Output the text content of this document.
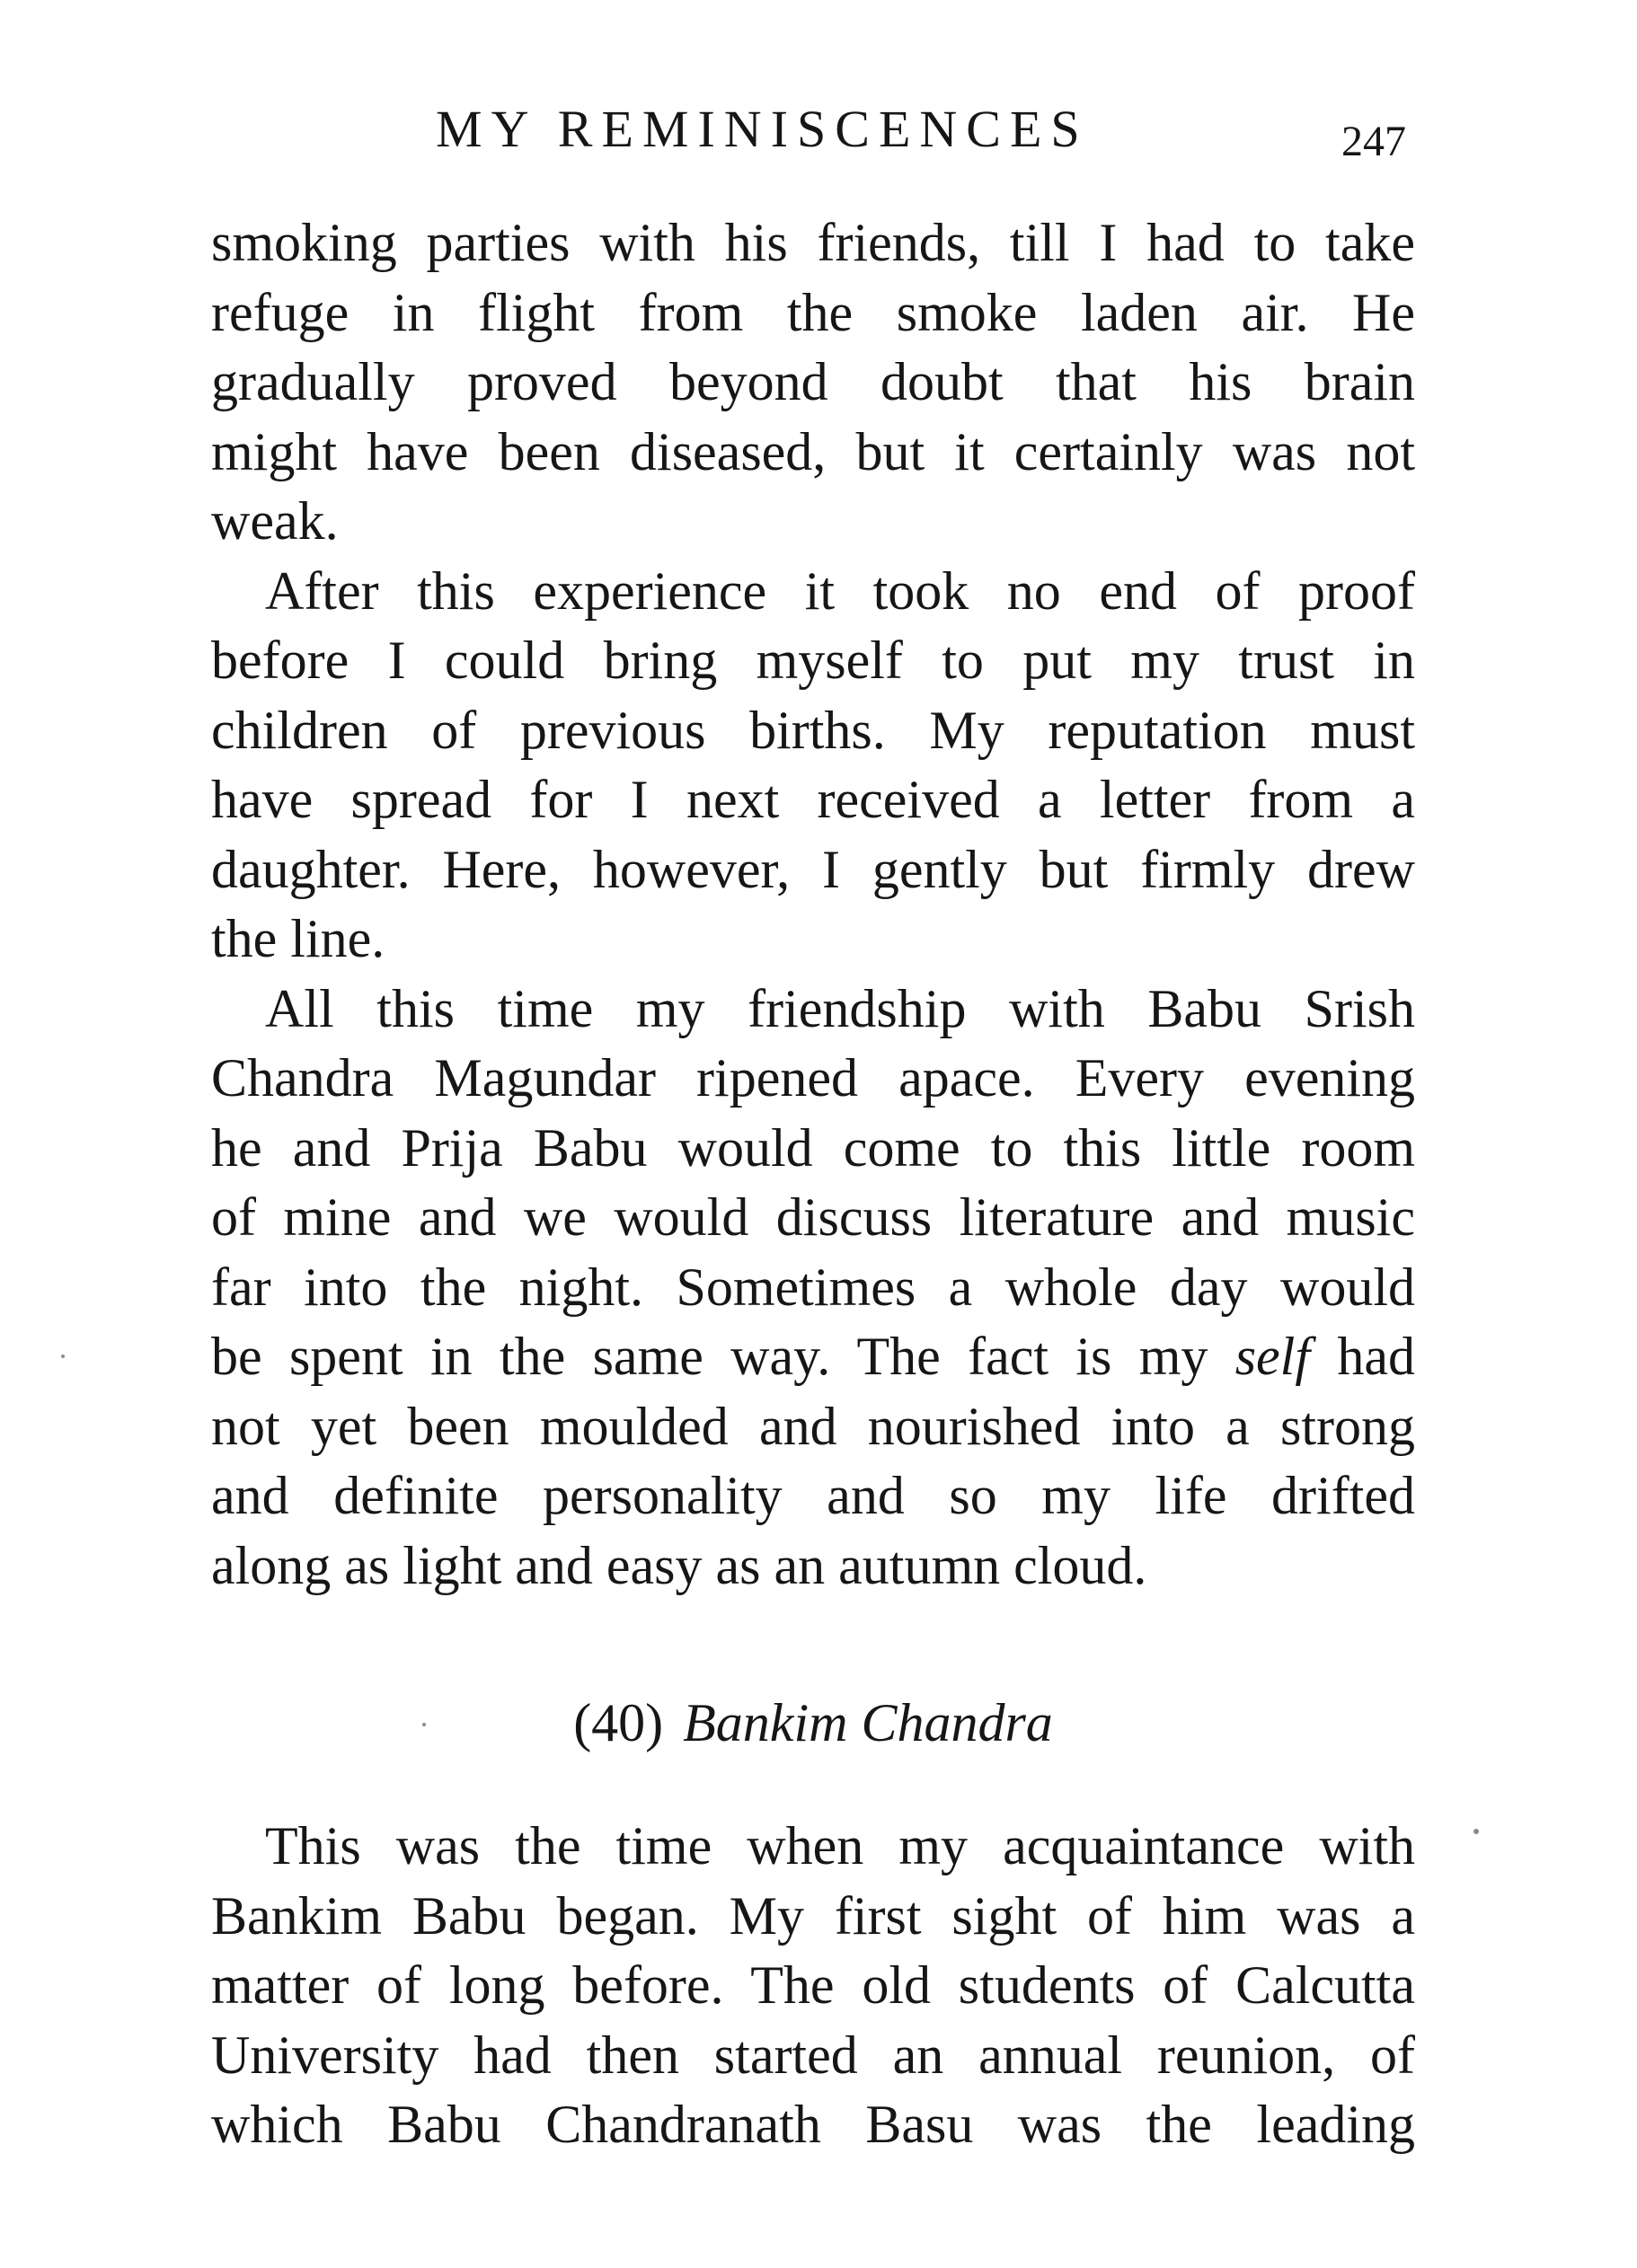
MY REMINISCENCES	247
smoking parties with his friends, till I had to take
refuge in flight from the smoke laden air. He
gradually proved beyond doubt that his brain
might have been diseased, but it certainly was not
weak.
After this experience it took no end of proof
before I could bring myself to put my trust in
children of previous births. My reputation must
have spread for I next received a letter from a
daughter. Here, however, I gently but firmly drew
the line.
All this time my friendship with Babu Srish
Chandra Magundar ripened apace. Every evening
he and Prija Babu would come to this little room
of mine and we would discuss literature and music
far into the night. Sometimes a whole day would
be spent in the same way. The fact is my self had
not yet been moulded and nourished into a strong
and definite personality and so my life drifted
along as light and easy as an autumn cloud.
(40) Bankim Chandra
This was the time when my acquaintance with
Bankim Babu began. My first sight of him was a
matter of long before. The old students of Calcutta
University had then started an annual reunion, of
which Babu Chandranath Basu was the leading
